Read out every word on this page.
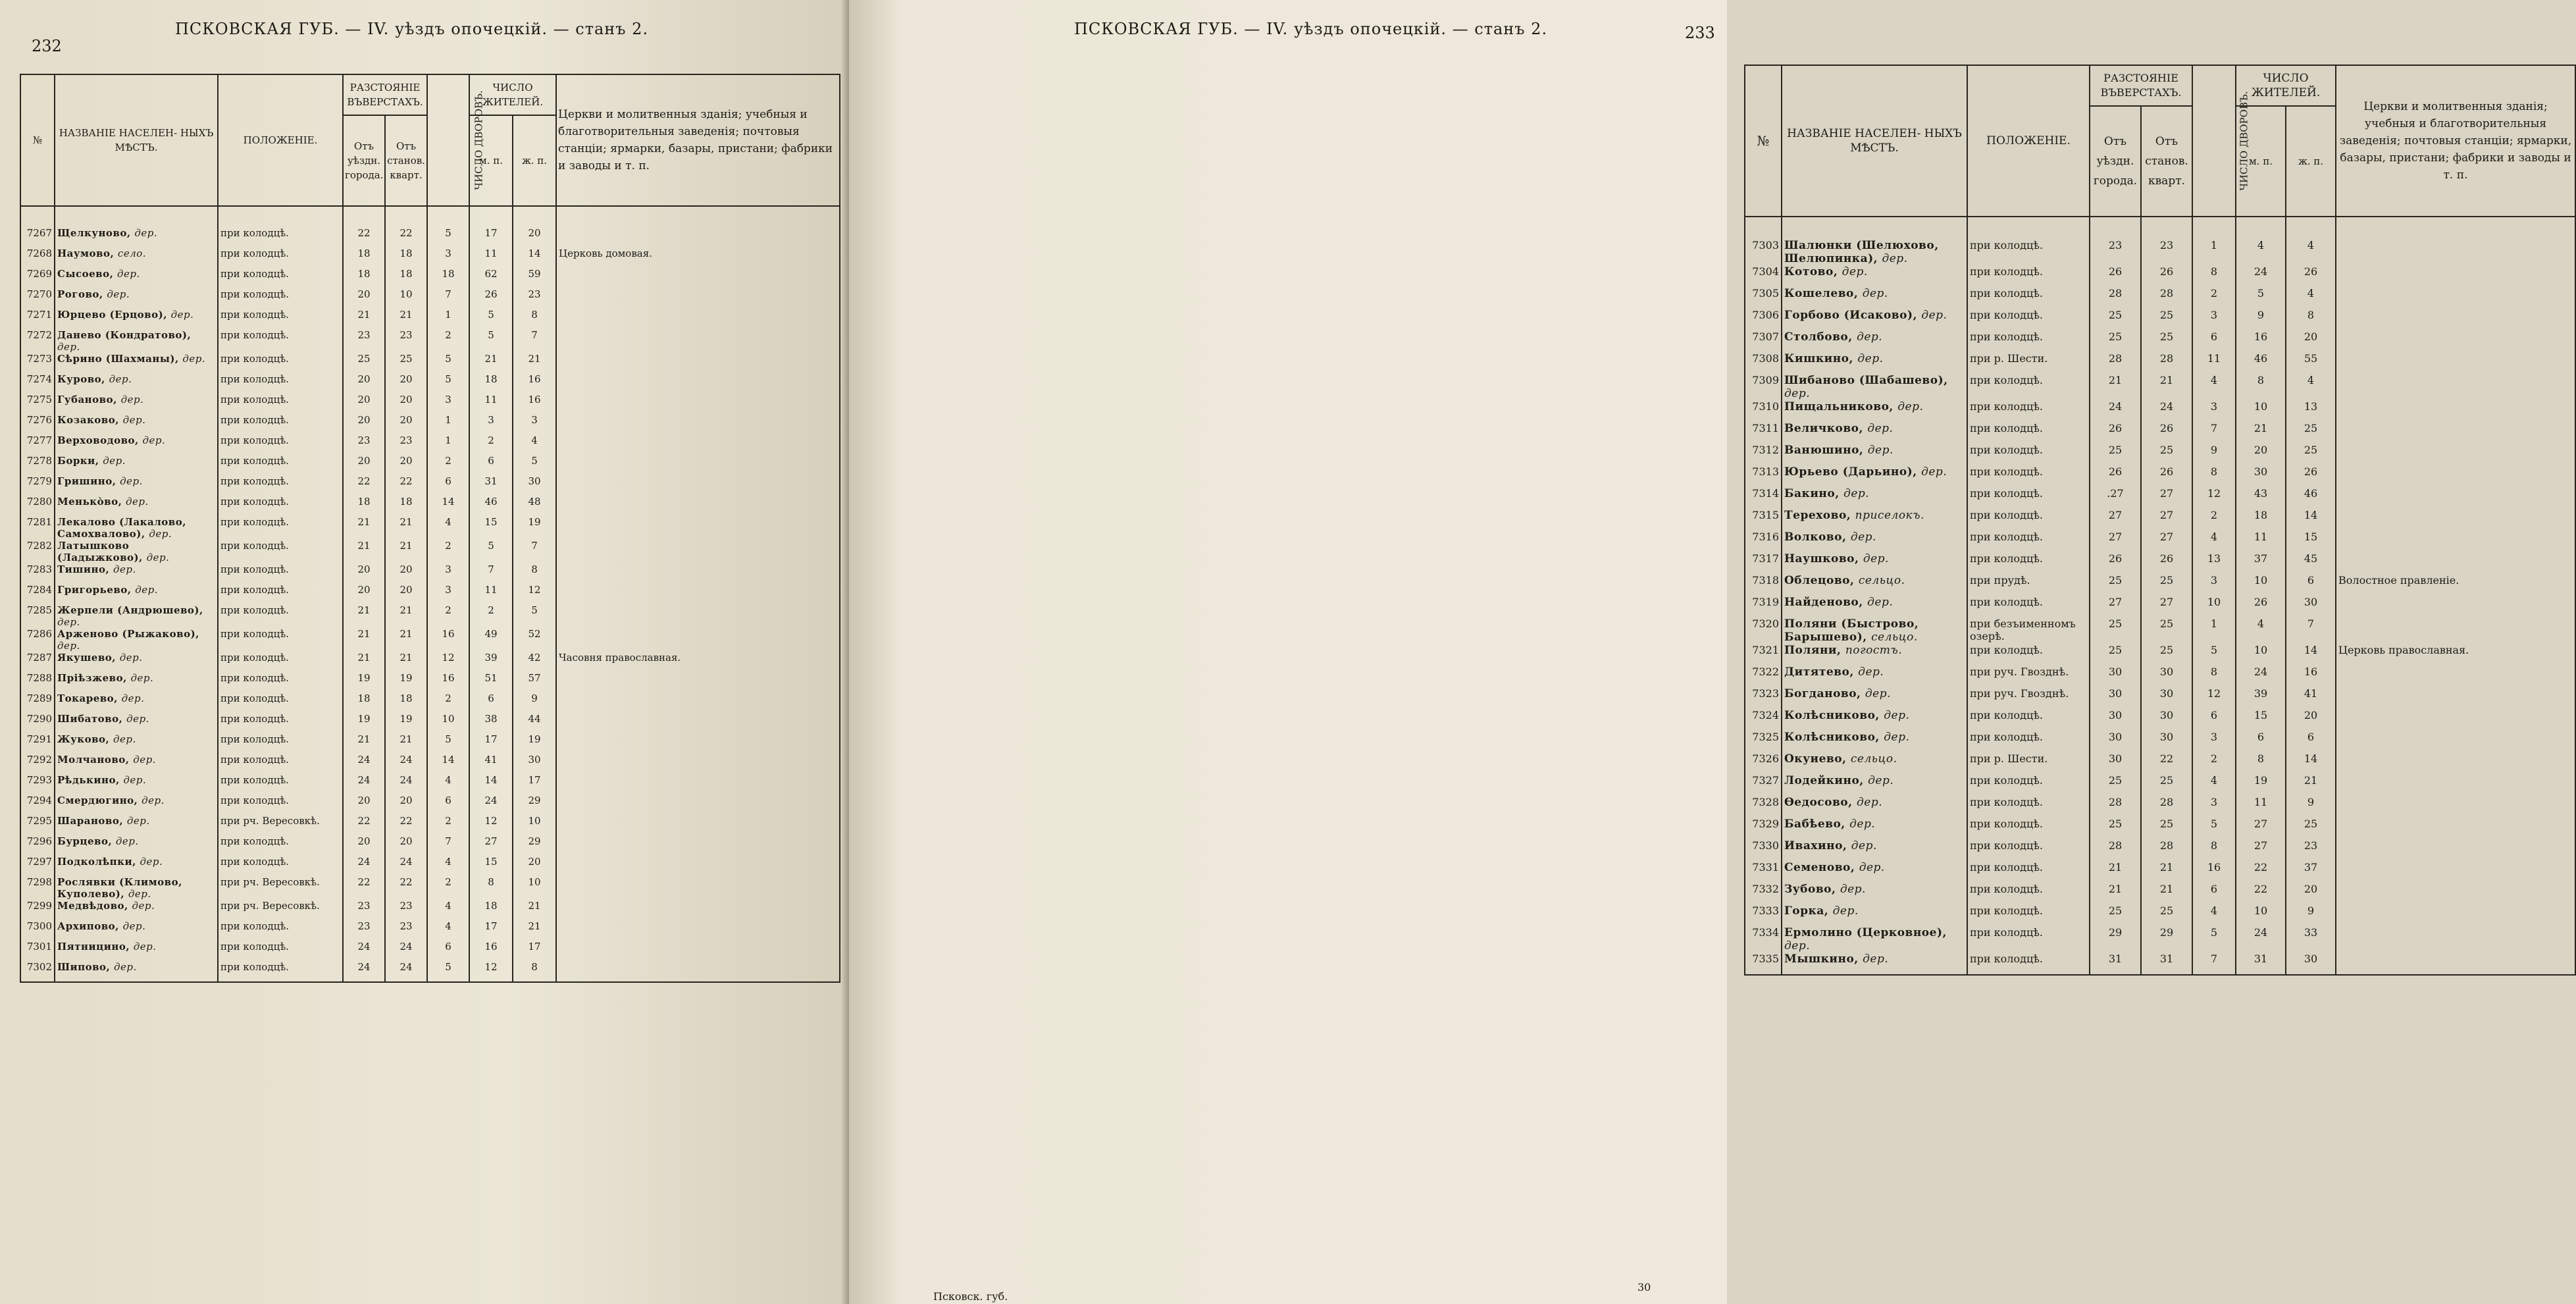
232
ПСКОВСКАЯ ГУБ. — IV. уѣздъ опочецкій. — станъ 2.
№	НАЗВАНІЕ НАСЕЛЕН- НЫХЪ МѢСТЪ.	ПОЛОЖЕНІЕ.	РАЗСТОЯНІЕ ВЪВЕРСТАХЪ.		ЧИСЛО ДВОРОВЪ.	ЧИСЛО ЖИТЕЛЕЙ.		Церкви и молитвенныя зданія; учебныя и благотворительныя заведенія; почтовыя станціи; ярмарки, базары, пристани; фабрики и заводы и т. п.
			Отъ уѣздн. города.	Отъ станов. кварт.		м. п.	ж. п.	

7267	Щелкуново, дер.	при колодцѣ.	22	22	5	17	20	
7268	Наумово, село.	при колодцѣ.	18	18	3	11	14	Церковь домовая.
7269	Сысоево, дер.	при колодцѣ.	18	18	18	62	59	
7270	Рогово, дер.	при колодцѣ.	20	10	7	26	23	
7271	Юрцево (Ерцово), дер.	при колодцѣ.	21	21	1	5	8	
7272	Данево (Кондратово), дер.	при колодцѣ.	23	23	2	5	7	
7273	Сѣрино (Шахманы), дер.	при колодцѣ.	25	25	5	21	21	
7274	Курово, дер.	при колодцѣ.	20	20	5	18	16	
7275	Губаново, дер.	при колодцѣ.	20	20	3	11	16	
7276	Козаково, дер.	при колодцѣ.	20	20	1	3	3	
7277	Верховодово, дер.	при колодцѣ.	23	23	1	2	4	
7278	Борки, дер.	при колодцѣ.	20	20	2	6	5	
7279	Гришино, дер.	при колодцѣ.	22	22	6	31	30	
7280	Менько̀во, дер.	при колодцѣ.	18	18	14	46	48	
7281	Лекалово (Лакалово, Самохвалово), дер.	при колодцѣ.	21	21	4	15	19	
7282	Латышково (Ладыжково), дер.	при колодцѣ.	21	21	2	5	7	
7283	Тишино, дер.	при колодцѣ.	20	20	3	7	8	
7284	Григорьево, дер.	при колодцѣ.	20	20	3	11	12	
7285	Жерпели (Андрюшево), дер.	при колодцѣ.	21	21	2	2	5	
7286	Арженово (Рыжаково), дер.	при колодцѣ.	21	21	16	49	52	
7287	Якушево, дер.	при колодцѣ.	21	21	12	39	42	Часовня православная.
7288	Пріѣзжево, дер.	при колодцѣ.	19	19	16	51	57	
7289	Токарево, дер.	при колодцѣ.	18	18	2	6	9	
7290	Шибатово, дер.	при колодцѣ.	19	19	10	38	44	
7291	Жуково, дер.	при колодцѣ.	21	21	5	17	19	
7292	Молчаново, дер.	при колодцѣ.	24	24	14	41	30	
7293	Рѣдькино, дер.	при колодцѣ.	24	24	4	14	17	
7294	Смердюгино, дер.	при колодцѣ.	20	20	6	24	29	
7295	Шараново, дер.	при рч. Вересовкѣ.	22	22	2	12	10	
7296	Бурцево, дер.	при колодцѣ.	20	20	7	27	29	
7297	Подколѣпки, дер.	при колодцѣ.	24	24	4	15	20	
7298	Рослявки (Климово, Куполево), дер.	при рч. Вересовкѣ.	22	22	2	8	10	
7299	Медвѣдово, дер.	при рч. Вересовкѣ.	23	23	4	18	21	
7300	Архипово, дер.	при колодцѣ.	23	23	4	17	21	
7301	Пятницино, дер.	при колодцѣ.	24	24	6	16	17	
7302	Шипово, дер.	при колодцѣ.	24	24	5	12	8	
ПСКОВСКАЯ ГУБ. — IV. уѣздъ опочецкій. — станъ 2.	233
№	НАЗВАНІЕ НАСЕЛЕН- НЫХЪ МѢСТЪ.	ПОЛОЖЕНІЕ.	РАЗСТОЯНІЕ ВЪВЕРСТАХЪ.		ЧИСЛО ДВОРОВЪ.	ЧИСЛО ЖИТЕЛЕЙ.		Церкви и молитвенныя зданія; учебныя и благотворительныя заведенія; почтовыя станціи; ярмарки, базары, пристани; фабрики и заводы и т. п.
			Отъ уѣздн. города.	Отъ станов. кварт.		м. п.	ж. п.	

7303	Шалюнки (Шелюхово, Шелюпинка), дер.	при колодцѣ.	23	23	1	4	4	
7304	Котово, дер.	при колодцѣ.	26	26	8	24	26	
7305	Кошелево, дер.	при колодцѣ.	28	28	2	5	4	
7306	Горбово (Исаково), дер.	при колодцѣ.	25	25	3	9	8	
7307	Столбово, дер.	при колодцѣ.	25	25	6	16	20	
7308	Кишкино, дер.	при р. Шести.	28	28	11	46	55	
7309	Шибаново (Шабашево), дер.	при колодцѣ.	21	21	4	8	4	
7310	Пищальниково, дер.	при колодцѣ.	24	24	3	10	13	
7311	Величково, дер.	при колодцѣ.	26	26	7	21	25	
7312	Ванюшино, дер.	при колодцѣ.	25	25	9	20	25	
7313	Юрьево (Дарьино), дер.	при колодцѣ.	26	26	8	30	26	
7314	Бакино, дер.	при колодцѣ.	.27	27	12	43	46	
7315	Терехово, приселокъ.	при колодцѣ.	27	27	2	18	14	
7316	Волково, дер.	при колодцѣ.	27	27	4	11	15	
7317	Наушково, дер.	при колодцѣ.	26	26	13	37	45	
7318	Облецово, сельцо.	при прудѣ.	25	25	3	10	6	Волостное правленіе.
7319	Найденово, дер.	при колодцѣ.	27	27	10	26	30	
7320	Поляни (Быстрово, Барышево), сельцо.	при безъименномъ озерѣ.	25	25	1	4	7	
7321	Поляни, погостъ.	при колодцѣ.	25	25	5	10	14	Церковь православная.
7322	Дитятево, дер.	при руч. Гвозднѣ.	30	30	8	24	16	
7323	Богданово, дер.	при руч. Гвозднѣ.	30	30	12	39	41	
7324	Колѣсниково, дер.	при колодцѣ.	30	30	6	15	20	
7325	Колѣсниково, дер.	при колодцѣ.	30	30	3	6	6	
7326	Окуиево, сельцо.	при р. Шести.	30	22	2	8	14	
7327	Лодейкино, дер.	при колодцѣ.	25	25	4	19	21	
7328	Өедосово, дер.	при колодцѣ.	28	28	3	11	9	
7329	Бабѣево, дер.	при колодцѣ.	25	25	5	27	25	
7330	Ивахино, дер.	при колодцѣ.	28	28	8	27	23	
7331	Семеново, дер.	при колодцѣ.	21	21	16	22	37	
7332	Зубово, дер.	при колодцѣ.	21	21	6	22	20	
7333	Горка, дер.	при колодцѣ.	25	25	4	10	9	
7334	Ермолино (Церковное), дер.	при колодцѣ.	29	29	5	24	33	
7335	Мышкино, дер.	при колодцѣ.	31	31	7	31	30	
30
Псковск. губ.
